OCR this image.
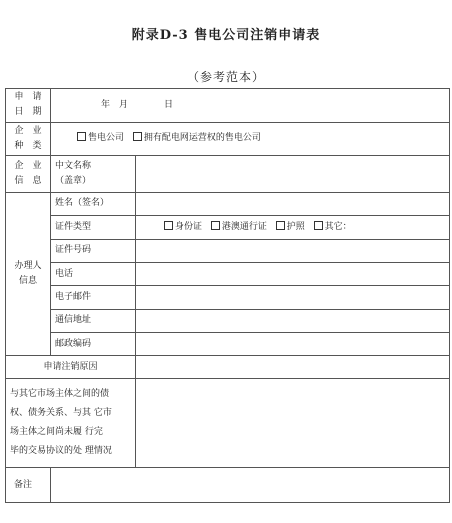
附录D-3 售电公司注销申请表
（参考范本）
申　请
日　期	年　月　　　　日	

企　业
种　类	售电公司 拥有配电网运营权的售电公司	

企　业
信　息	中文名称
（盖章）	

办理人
信息	姓名（签名）	
	证件类型	身份证 港澳通行证 护照 其它：
	证件号码	
	电话	
	电子邮件	
	通信地址	
	邮政编码	
申请注销原因		

与其它市场主体之间的债
权、债务关系、与其 它市
场主体之间尚未履 行完
毕的交易协议的处 理情况		

备注		
